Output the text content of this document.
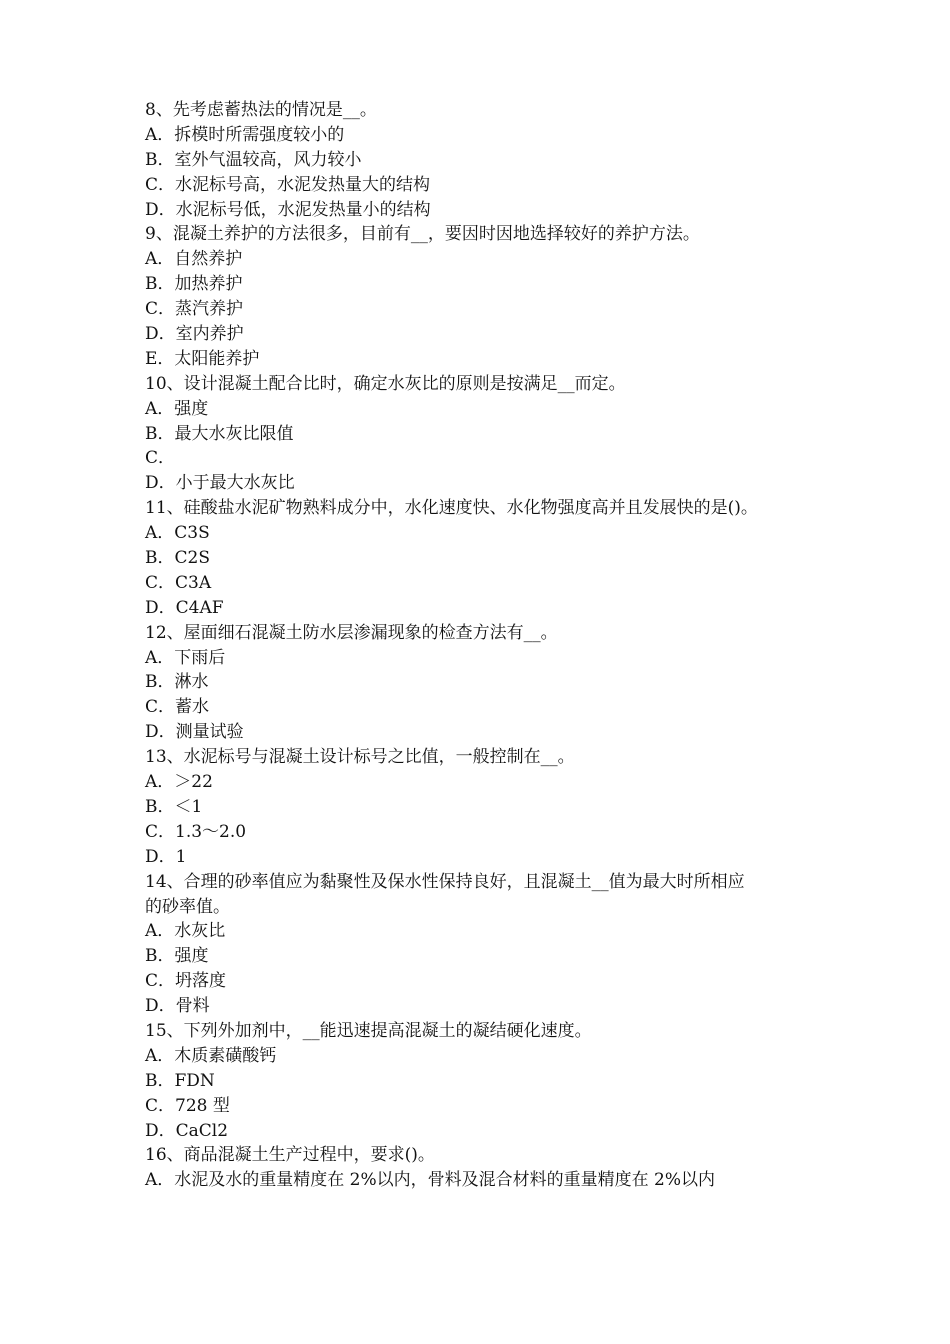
8、先考虑蓄热法的情况是__。
A．拆模时所需强度较小的
B．室外气温较高，风力较小
C．水泥标号高，水泥发热量大的结构
D．水泥标号低，水泥发热量小的结构
9、混凝土养护的方法很多，目前有__，要因时因地选择较好的养护方法。
A．自然养护
B．加热养护
C．蒸汽养护
D．室内养护
E．太阳能养护
10、设计混凝土配合比时，确定水灰比的原则是按满足__而定。
A．强度
B．最大水灰比限值
C．
D．小于最大水灰比
11、硅酸盐水泥矿物熟料成分中，水化速度快、水化物强度高并且发展快的是()。
A．C3S
B．C2S
C．C3A
D．C4AF
12、屋面细石混凝土防水层渗漏现象的检查方法有__。
A．下雨后
B．淋水
C．蓄水
D．测量试验
13、水泥标号与混凝土设计标号之比值，一般控制在__。
A．＞22
B．＜1
C．1.3～2.0
D．1
14、合理的砂率值应为黏聚性及保水性保持良好，且混凝土__值为最大时所相应
的砂率值。
A．水灰比
B．强度
C．坍落度
D．骨料
15、下列外加剂中，__能迅速提高混凝土的凝结硬化速度。
A．木质素磺酸钙
B．FDN
C．728 型
D．CaCl2
16、商品混凝土生产过程中，要求()。
A．水泥及水的重量精度在 2%以内，骨料及混合材料的重量精度在 2%以内
